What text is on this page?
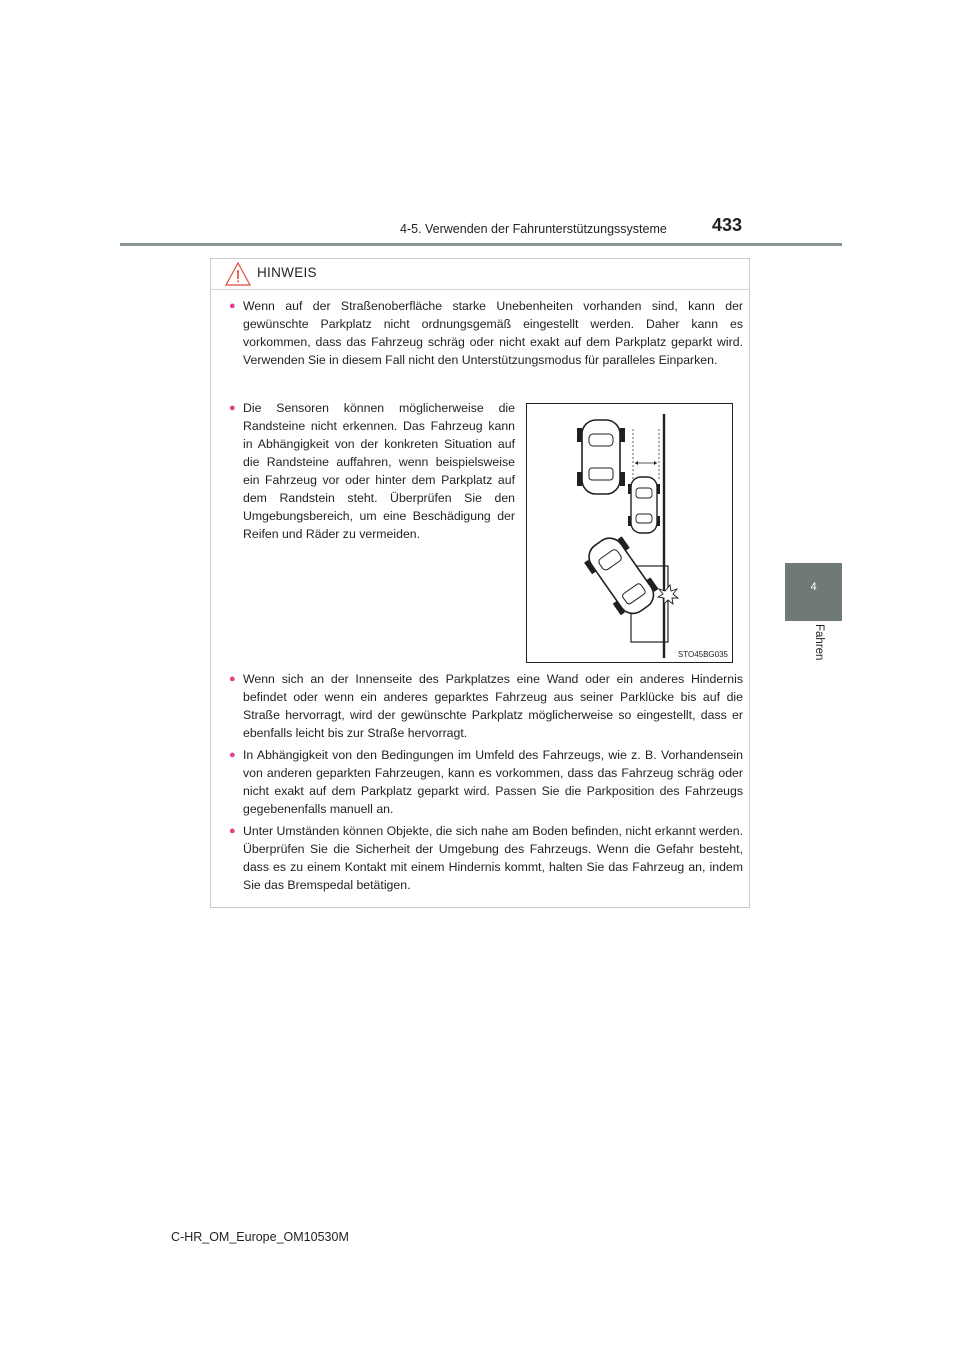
4-5. Verwenden der Fahrunterstützungssysteme	433
4
Fahren
HINWEIS
● Wenn auf der Straßenoberfläche starke Unebenheiten vorhanden sind, kann der gewünschte Parkplatz nicht ordnungsgemäß eingestellt werden. Daher kann es vorkommen, dass das Fahrzeug schräg oder nicht exakt auf dem Parkplatz geparkt wird. Verwenden Sie in diesem Fall nicht den Unterstützungsmodus für paralleles Einparken.
● Die Sensoren können möglicherweise die Randsteine nicht erkennen. Das Fahrzeug kann in Abhängigkeit von der konkreten Situation auf die Randsteine auffahren, wenn beispielsweise ein Fahrzeug vor oder hinter dem Parkplatz auf dem Randstein steht. Überprüfen Sie den Umgebungsbereich, um eine Beschädigung der Reifen und Räder zu vermeiden.
STO45BG035
● Wenn sich an der Innenseite des Parkplatzes eine Wand oder ein anderes Hindernis befindet oder wenn ein anderes geparktes Fahrzeug aus seiner Parklücke bis auf die Straße hervorragt, wird der gewünschte Parkplatz möglicherweise so eingestellt, dass er ebenfalls leicht bis zur Straße hervorragt.
● In Abhängigkeit von den Bedingungen im Umfeld des Fahrzeugs, wie z. B. Vorhandensein von anderen geparkten Fahrzeugen, kann es vorkommen, dass das Fahrzeug schräg oder nicht exakt auf dem Parkplatz geparkt wird. Passen Sie die Parkposition des Fahrzeugs gegebenenfalls manuell an.
● Unter Umständen können Objekte, die sich nahe am Boden befinden, nicht erkannt werden. Überprüfen Sie die Sicherheit der Umgebung des Fahrzeugs. Wenn die Gefahr besteht, dass es zu einem Kontakt mit einem Hindernis kommt, halten Sie das Fahrzeug an, indem Sie das Bremspedal betätigen.
C-HR_OM_Europe_OM10530M
